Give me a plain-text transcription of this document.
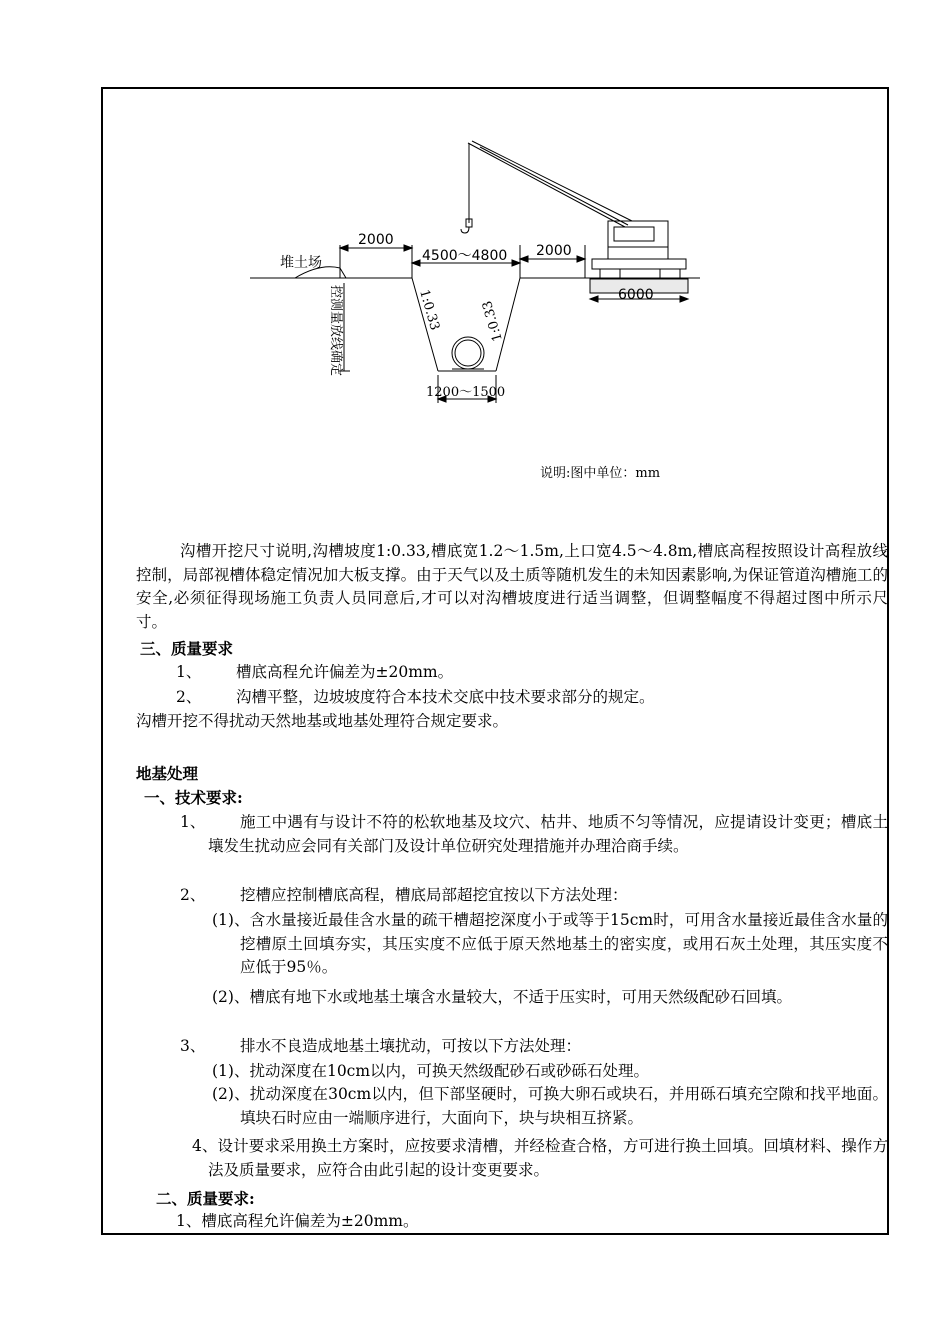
2000
4500～4800 2000
6000
堆土场
1200～1500
控测量放线确定	1:0.33	1:0.33
说明:图中单位：mm
沟槽开挖尺寸说明,沟槽坡度1:0.33,槽底宽1.2～1.5m,上口宽4.5～4.8m,槽底高程按照设计高程放线控制，局部视槽体稳定情况加大板支撑。由于天气以及土质等随机发生的未知因素影响,为保证管道沟槽施工的安全,必须征得现场施工负责人员同意后,才可以对沟槽坡度进行适当调整，但调整幅度不得超过图中所示尺寸。
三、质量要求
1、 槽底高程允许偏差为±20mm。
2、 沟槽平整，边坡坡度符合本技术交底中技术要求部分的规定。
沟槽开挖不得扰动天然地基或地基处理符合规定要求。
地基处理
一、技术要求:
1、	施工中遇有与设计不符的松软地基及坟穴、枯井、地质不匀等情况，应提请设计变更；槽底土壤发生扰动应会同有关部门及设计单位研究处理措施并办理洽商手续。
2、 挖槽应控制槽底高程，槽底局部超挖宜按以下方法处理：
(1)、含水量接近最佳含水量的疏干槽超挖深度小于或等于15cm时，可用含水量接近最佳含水量的挖槽原土回填夯实，其压实度不应低于原天然地基土的密实度，或用石灰土处理，其压实度不应低于95％。
(2)、槽底有地下水或地基土壤含水量较大，不适于压实时，可用天然级配砂石回填。
3、 排水不良造成地基土壤扰动，可按以下方法处理：
(1)、扰动深度在10cm以内，可换天然级配砂石或砂砾石处理。
(2)、扰动深度在30cm以内，但下部坚硬时，可换大卵石或块石，并用砾石填充空隙和找平地面。填块石时应由一端顺序进行，大面向下，块与块相互挤紧。
4、设计要求采用换土方案时，应按要求清槽，并经检查合格，方可进行换土回填。回填材料、操作方法及质量要求，应符合由此引起的设计变更要求。
二、质量要求:
1、槽底高程允许偏差为±20mm。
